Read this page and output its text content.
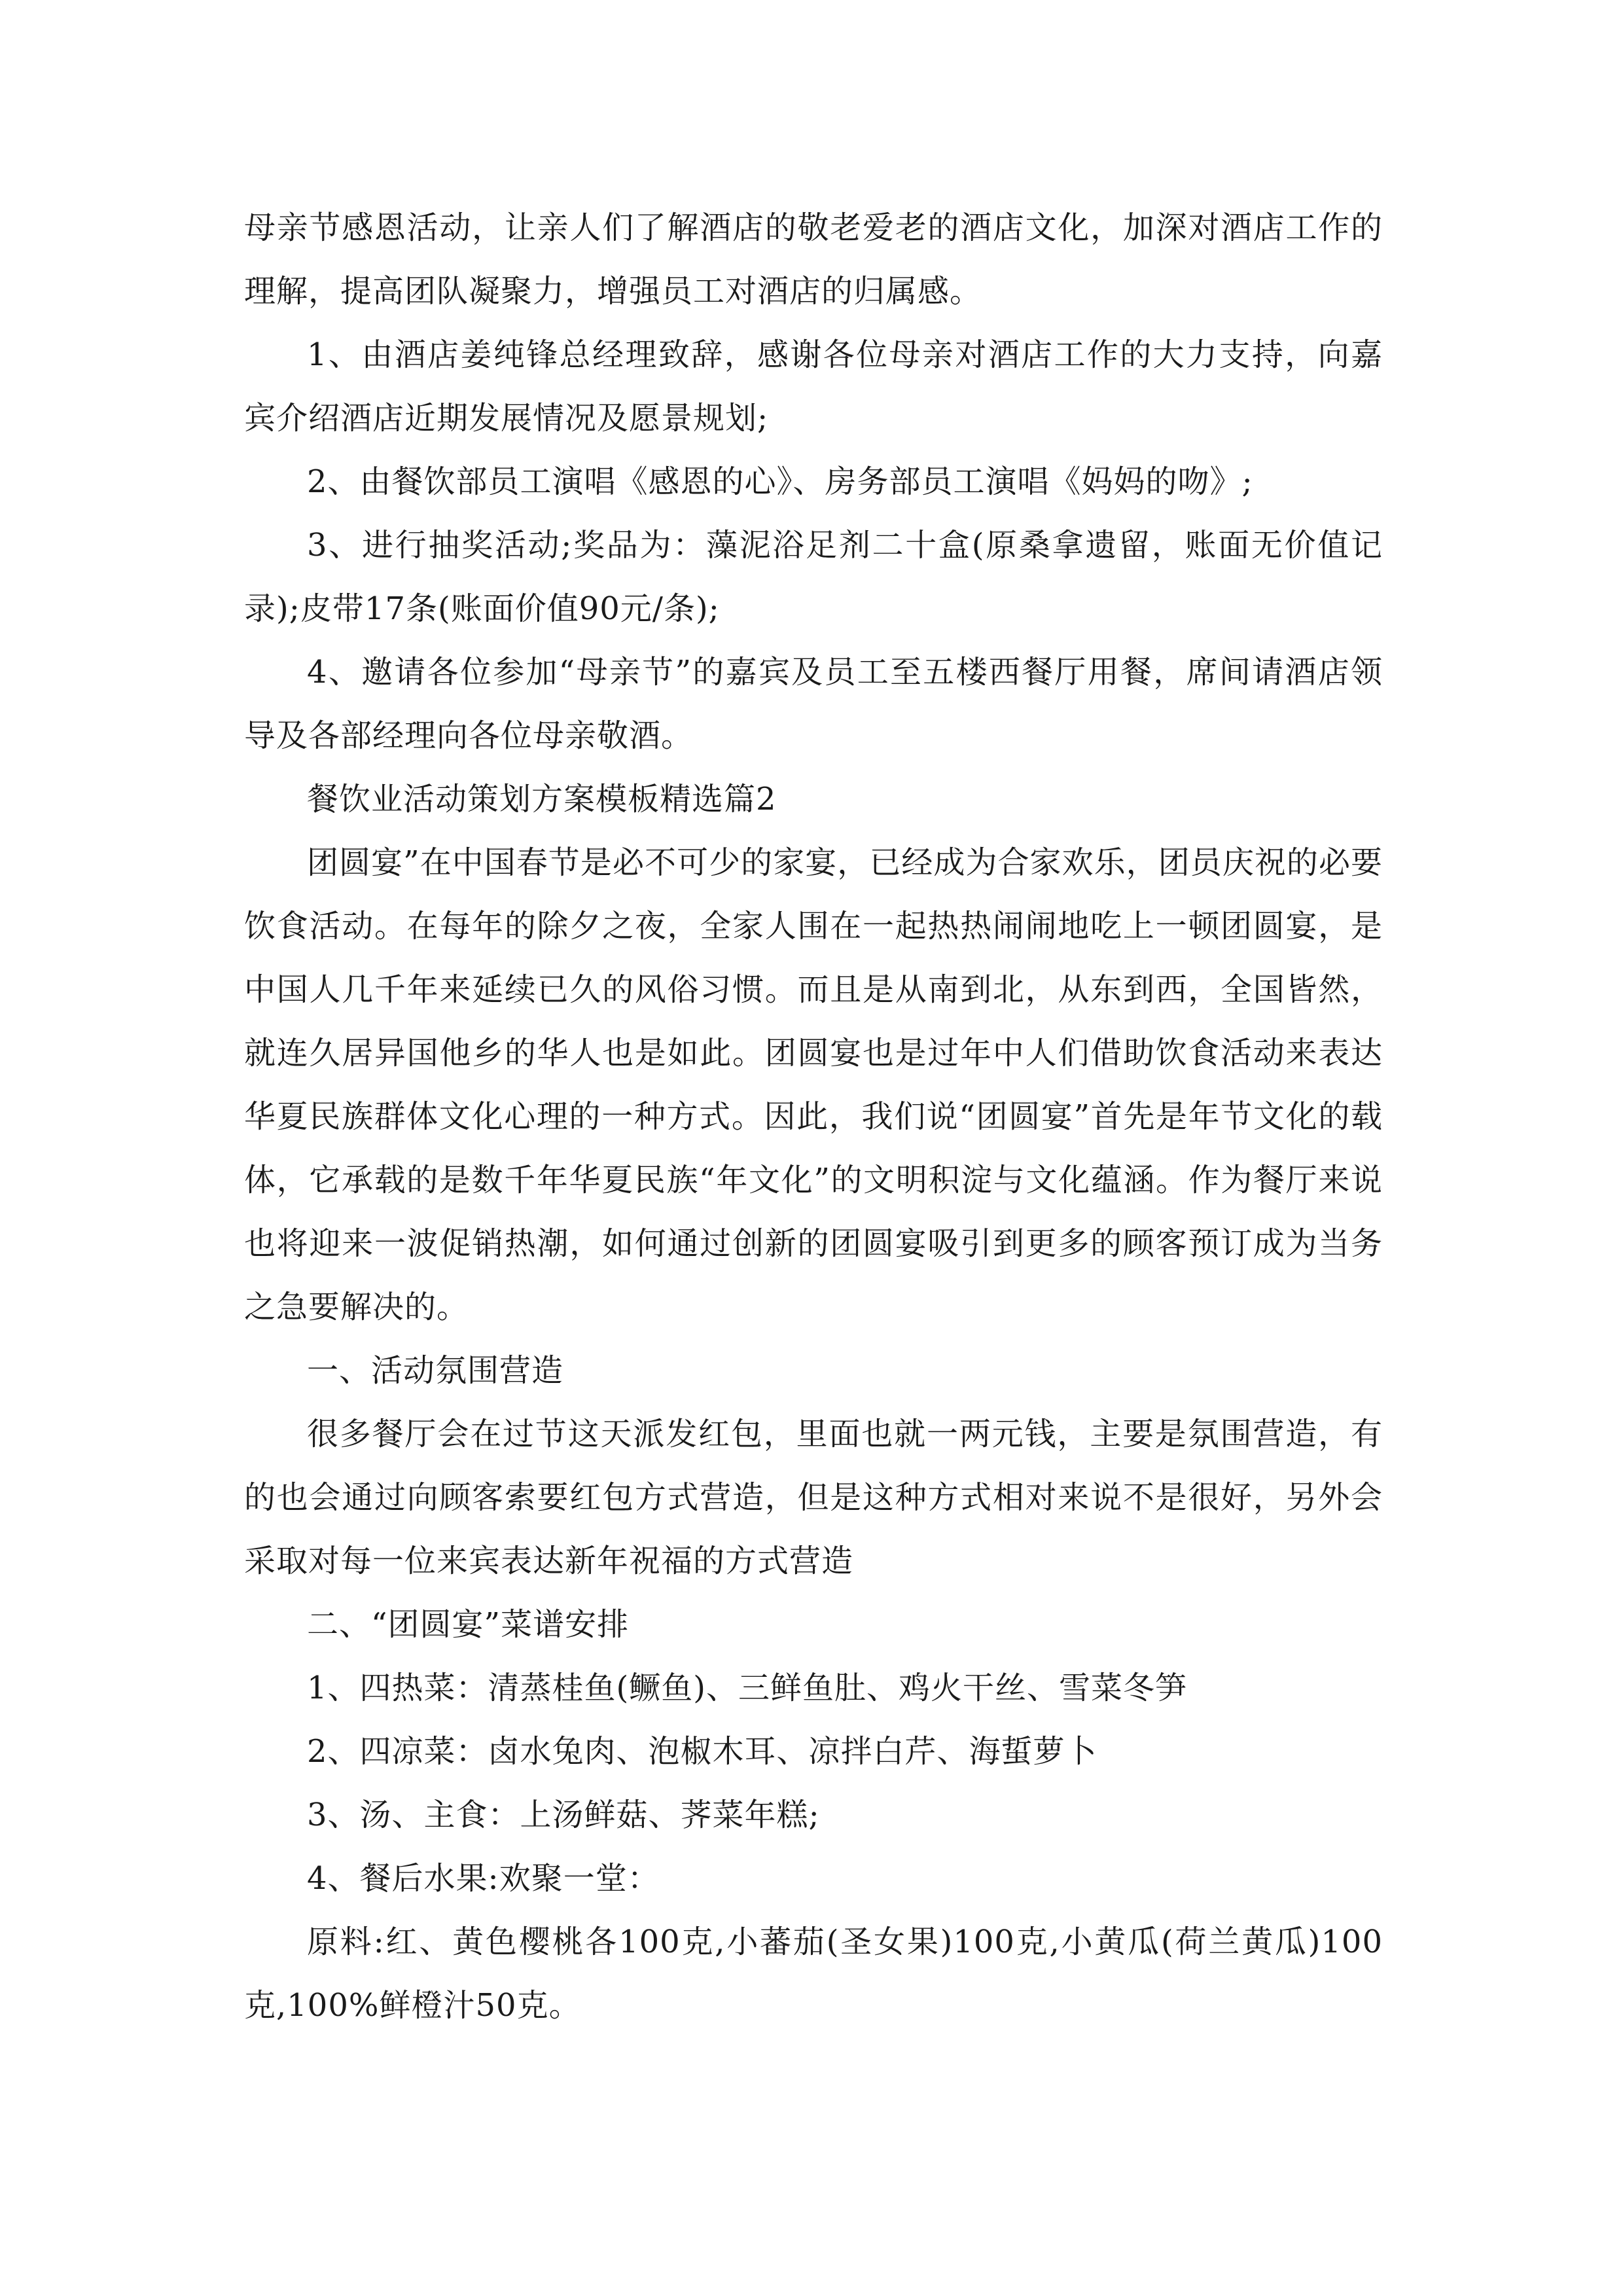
母亲节感恩活动，让亲人们了解酒店的敬老爱老的酒店文化，加深对酒店工作的理解，提高团队凝聚力，增强员工对酒店的归属感。

1、由酒店姜纯锋总经理致辞，感谢各位母亲对酒店工作的大力支持，向嘉宾介绍酒店近期发展情况及愿景规划;

2、由餐饮部员工演唱《感恩的心》、房务部员工演唱《妈妈的吻》;

3、进行抽奖活动;奖品为：藻泥浴足剂二十盒(原桑拿遗留，账面无价值记录);皮带17条(账面价值90元/条);

4、邀请各位参加“母亲节”的嘉宾及员工至五楼西餐厅用餐，席间请酒店领导及各部经理向各位母亲敬酒。

餐饮业活动策划方案模板精选篇2

团圆宴”在中国春节是必不可少的家宴，已经成为合家欢乐，团员庆祝的必要饮食活动。在每年的除夕之夜，全家人围在一起热热闹闹地吃上一顿团圆宴，是中国人几千年来延续已久的风俗习惯。而且是从南到北，从东到西，全国皆然，就连久居异国他乡的华人也是如此。团圆宴也是过年中人们借助饮食活动来表达华夏民族群体文化心理的一种方式。因此，我们说“团圆宴”首先是年节文化的载体，它承载的是数千年华夏民族“年文化”的文明积淀与文化蕴涵。作为餐厅来说也将迎来一波促销热潮，如何通过创新的团圆宴吸引到更多的顾客预订成为当务之急要解决的。

一、活动氛围营造

很多餐厅会在过节这天派发红包，里面也就一两元钱，主要是氛围营造，有的也会通过向顾客索要红包方式营造，但是这种方式相对来说不是很好，另外会采取对每一位来宾表达新年祝福的方式营造

二、“团圆宴”菜谱安排

1、四热菜：清蒸桂鱼(鳜鱼)、三鲜鱼肚、鸡火干丝、雪菜冬笋

2、四凉菜：卤水兔肉、泡椒木耳、凉拌白芹、海蜇萝卜

3、汤、主食：上汤鲜菇、荠菜年糕;

4、餐后水果:欢聚一堂：

原料:红、黄色樱桃各100克,小蕃茄(圣女果)100克,小黄瓜(荷兰黄瓜)100克,100%鲜橙汁50克。
